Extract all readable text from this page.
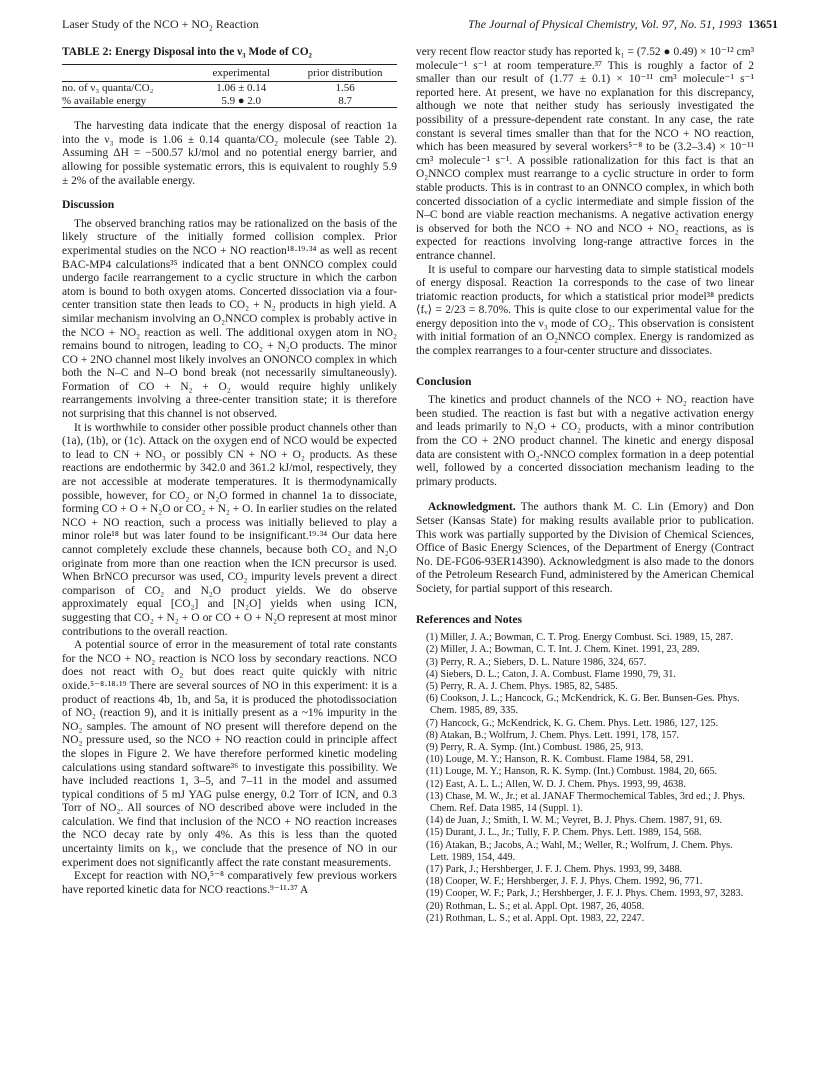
Laser Study of the NCO + NO₂ Reaction	The Journal of Physical Chemistry, Vol. 97, No. 51, 1993 13651
TABLE 2: Energy Disposal into the ν₃ Mode of CO₂
	experimental	prior distribution
no. of ν₃ quanta/CO₂	1.06 ± 0.14	1.56
% available energy	5.9 ● 2.0	8.7

The harvesting data indicate that the energy disposal of reaction 1a into the ν₃ mode is 1.06 ± 0.14 quanta/CO₂ molecule (see Table 2). Assuming ΔH = −500.57 kJ/mol and no potential energy barrier, and allowing for possible systematic errors, this is equivalent to roughly 5.9 ± 2% of the available energy.

Discussion

The observed branching ratios may be rationalized on the basis of the likely structure of the initially formed collision complex. Prior experimental studies on the NCO + NO reaction¹⁸·¹⁹·³⁴ as well as recent BAC-MP4 calculations³⁵ indicated that a bent ONNCO complex could undergo facile rearrangement to a cyclic structure in which the carbon atom is bound to both oxygen atoms. Concerted dissociation via a four-center transition state then leads to CO₂ + N₂ products in high yield. A similar mechanism involving an O₂NNCO complex is probably active in the NCO + NO₂ reaction as well. The additional oxygen atom in NO₂ remains bound to nitrogen, leading to CO₂ + N₂O products. The minor CO + 2NO channel most likely involves an ONONCO complex in which both the N–C and N–O bond break (not necessarily simultaneously). Formation of CO + N₂ + O₂ would require highly unlikely rearrangements involving a three-center transition state; it is therefore not surprising that this channel is not observed.

It is worthwhile to consider other possible product channels other than (1a), (1b), or (1c). Attack on the oxygen end of NCO would be expected to lead to CN + NO₃ or possibly CN + NO + O₂ products. As these reactions are endothermic by 342.0 and 361.2 kJ/mol, respectively, they are not accessible at moderate temperatures. It is thermodynamically possible, however, for CO₂ or N₂O formed in channel 1a to dissociate, forming CO + O + N₂O or CO₂ + N₂ + O. In earlier studies on the related NCO + NO reaction, such a process was initially believed to play a minor role¹⁸ but was later found to be insignificant.¹⁹·³⁴ Our data here cannot completely exclude these channels, because both CO₂ and N₂O originate from more than one reaction when the ICN precursor is used. When BrNCO precursor was used, CO₂ impurity levels prevent a direct comparison of CO₂ and N₂O product yields. We do observe approximately equal [CO₂] and [N₂O] yields when using ICN, suggesting that CO₂ + N₂ + O or CO + O + N₂O represent at most minor contributions to the overall reaction.

A potential source of error in the measurement of total rate constants for the NCO + NO₂ reaction is NCO loss by secondary reactions. NCO does not react with O₂ but does react quite quickly with nitric oxide.⁵⁻⁸·¹⁸·¹⁹ There are several sources of NO in this experiment: it is a product of reactions 4b, 1b, and 5a, it is produced the photodissociation of NO₂ (reaction 9), and it is initially present as a ~1% impurity in the NO₂ samples. The amount of NO present will therefore depend on the NO₂ pressure used, so the NCO + NO reaction could in principle affect the slopes in Figure 2. We have therefore performed kinetic modeling calculations using standard software³⁶ to investigate this possibility. We have included reactions 1, 3–5, and 7–11 in the model and assumed typical conditions of 5 mJ YAG pulse energy, 0.2 Torr of ICN, and 0.3 Torr of NO₂. All sources of NO described above were included in the calculation. We find that inclusion of the NCO + NO reaction increases the NCO decay rate by only 4%. As this is less than the quoted uncertainty limits on k₁, we conclude that the presence of NO in our experiment does not significantly affect the rate constant measurements.

Except for reaction with NO,⁵⁻⁸ comparatively few previous workers have reported kinetic data for NCO reactions.⁹⁻¹¹·³⁷ A

very recent flow reactor study has reported k₁ = (7.52 ● 0.49) × 10⁻¹² cm³ molecule⁻¹ s⁻¹ at room temperature.³⁷ This is roughly a factor of 2 smaller than our result of (1.77 ± 0.1) × 10⁻¹¹ cm³ molecule⁻¹ s⁻¹ reported here. At present, we have no explanation for this discrepancy, although we note that neither study has seriously investigated the possibility of a pressure-dependent rate constant. In any case, the rate constant is several times smaller than that for the NCO + NO reaction, which has been measured by several workers⁵⁻⁸ to be (3.2–3.4) × 10⁻¹¹ cm³ molecule⁻¹ s⁻¹. A possible rationalization for this fact is that an O₂NNCO complex must rearrange to a cyclic structure in order to form stable products. This is in contrast to an ONNCO complex, in which both concerted dissociation of a cyclic intermediate and simple fission of the N–C bond are viable reaction mechanisms. A negative activation energy is observed for both the NCO + NO and NCO + NO₂ reactions, as is expected for reactions involving long-range attractive forces in the entrance channel.

It is useful to compare our harvesting data to simple statistical models of energy disposal. Reaction 1a corresponds to the case of two linear triatomic reaction products, for which a statistical prior model³⁸ predicts ⟨fᵥ⟩ = 2/23 = 8.70%. This is quite close to our experimental value for the energy deposition into the ν₃ mode of CO₂. This observation is consistent with initial formation of an O₂NNCO complex. Energy is randomized as the complex rearranges to a four-center structure and dissociates.

Conclusion

The kinetics and product channels of the NCO + NO₂ reaction have been studied. The reaction is fast but with a negative activation energy and leads primarily to N₂O + CO₂ products, with a minor contribution from the CO + 2NO product channel. The kinetic and energy disposal data are consistent with O₂-NNCO complex formation in a deep potential well, followed by a concerted dissociation mechanism leading to the primary products.

Acknowledgment. The authors thank M. C. Lin (Emory) and Don Setser (Kansas State) for making results available prior to publication. This work was partially supported by the Division of Chemical Sciences, Office of Basic Energy Sciences, of the Department of Energy (Contract No. DE-FG06-93ER14390). Acknowledgment is also made to the donors of the Petroleum Research Fund, administered by the American Chemical Society, for partial support of this research.

References and Notes
(1) Miller, J. A.; Bowman, C. T. Prog. Energy Combust. Sci. 1989, 15, 287.
(2) Miller, J. A.; Bowman, C. T. Int. J. Chem. Kinet. 1991, 23, 289.
(3) Perry, R. A.; Siebers, D. L. Nature 1986, 324, 657.
(4) Siebers, D. L.; Caton, J. A. Combust. Flame 1990, 79, 31.
(5) Perry, R. A. J. Chem. Phys. 1985, 82, 5485.
(6) Cookson, J. L.; Hancock, G.; McKendrick, K. G. Ber. Bunsen-Ges. Phys. Chem. 1985, 89, 335.
(7) Hancock, G.; McKendrick, K. G. Chem. Phys. Lett. 1986, 127, 125.
(8) Atakan, B.; Wolfrum, J. Chem. Phys. Lett. 1991, 178, 157.
(9) Perry, R. A. Symp. (Int.) Combust. 1986, 25, 913.
(10) Louge, M. Y.; Hanson, R. K. Combust. Flame 1984, 58, 291.
(11) Louge, M. Y.; Hanson, R. K. Symp. (Int.) Combust. 1984, 20, 665.
(12) East, A. L. L.; Allen, W. D. J. Chem. Phys. 1993, 99, 4638.
(13) Chase, M. W., Jr.; et al. JANAF Thermochemical Tables, 3rd ed.; J. Phys. Chem. Ref. Data 1985, 14 (Suppl. 1).
(14) de Juan, J.; Smith, I. W. M.; Veyret, B. J. Phys. Chem. 1987, 91, 69.
(15) Durant, J. L., Jr.; Tully, F. P. Chem. Phys. Lett. 1989, 154, 568.
(16) Atakan, B.; Jacobs, A.; Wahl, M.; Weller, R.; Wolfrum, J. Chem. Phys. Lett. 1989, 154, 449.
(17) Park, J.; Hershberger, J. F. J. Chem. Phys. 1993, 99, 3488.
(18) Cooper, W. F.; Hershberger, J. F. J. Phys. Chem. 1992, 96, 771.
(19) Cooper, W. F.; Park, J.; Hershberger, J. F. J. Phys. Chem. 1993, 97, 3283.
(20) Rothman, L. S.; et al. Appl. Opt. 1987, 26, 4058.
(21) Rothman, L. S.; et al. Appl. Opt. 1983, 22, 2247.
